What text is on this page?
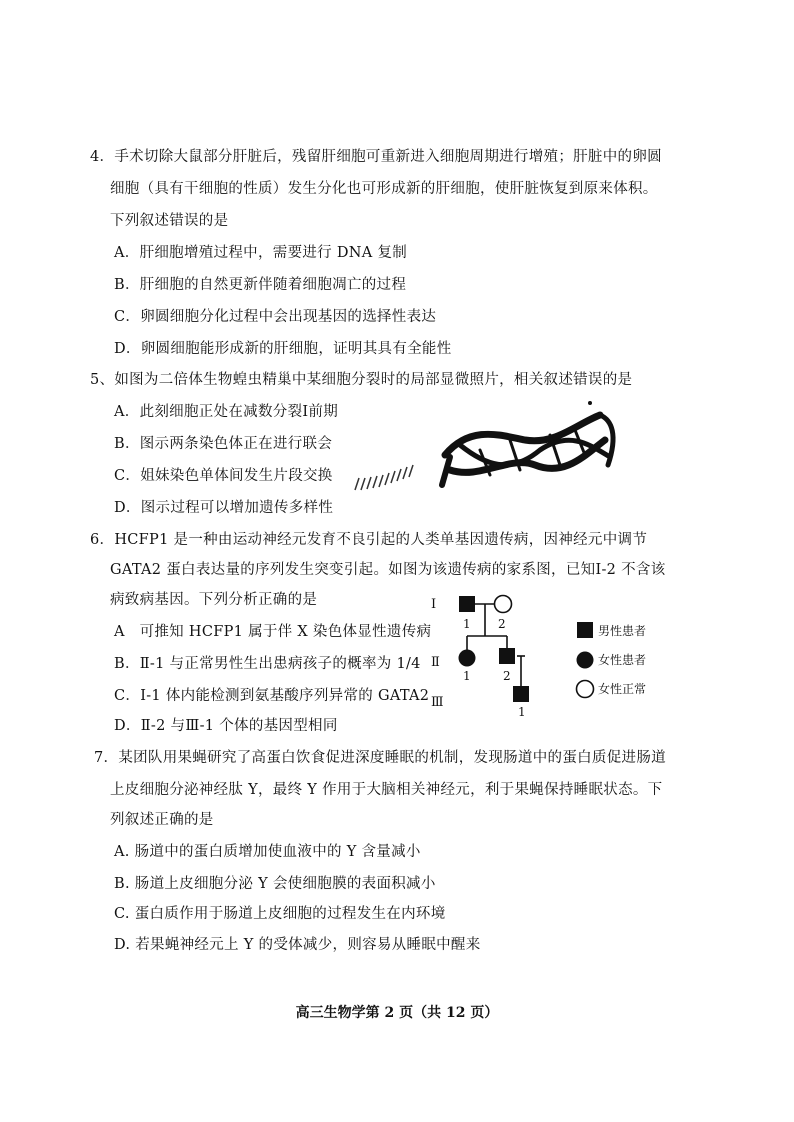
4．手术切除大鼠部分肝脏后，残留肝细胞可重新进入细胞周期进行增殖；肝脏中的卵圆
细胞（具有干细胞的性质）发生分化也可形成新的肝细胞，使肝脏恢复到原来体积。
下列叙述错误的是
A．肝细胞增殖过程中，需要进行 DNA 复制
B．肝细胞的自然更新伴随着细胞凋亡的过程
C．卵圆细胞分化过程中会出现基因的选择性表达
D．卵圆细胞能形成新的肝细胞，证明其具有全能性
5、如图为二倍体生物蝗虫精巢中某细胞分裂时的局部显微照片，相关叙述错误的是
A．此刻细胞正处在减数分裂Ⅰ前期
B．图示两条染色体正在进行联会
C．姐妹染色单体间发生片段交换
D．图示过程可以增加遗传多样性
6．HCFP1 是一种由运动神经元发育不良引起的人类单基因遗传病，因神经元中调节
GATA2 蛋白表达量的序列发生突变引起。如图为该遗传病的家系图，已知Ⅰ-2 不含该
病致病基因。下列分析正确的是
A　可推知 HCFP1 属于伴 X 染色体显性遗传病
B．Ⅱ-1 与正常男性生出患病孩子的概率为 1/4
C．Ⅰ-1 体内能检测到氨基酸序列异常的 GATA2
D．Ⅱ-2 与Ⅲ-1 个体的基因型相同
Ⅰ
Ⅱ
Ⅲ
1 2
1	2
1
男性患者
女性患者
女性正常
7．某团队用果蝇研究了高蛋白饮食促进深度睡眠的机制，发现肠道中的蛋白质促进肠道
上皮细胞分泌神经肽 Y，最终 Y 作用于大脑相关神经元，利于果蝇保持睡眠状态。下
列叙述正确的是
A. 肠道中的蛋白质增加使血液中的 Y 含量减小
B. 肠道上皮细胞分泌 Y 会使细胞膜的表面积减小
C. 蛋白质作用于肠道上皮细胞的过程发生在内环境
D. 若果蝇神经元上 Y 的受体减少，则容易从睡眠中醒来
高三生物学第 2 页（共 12 页）
